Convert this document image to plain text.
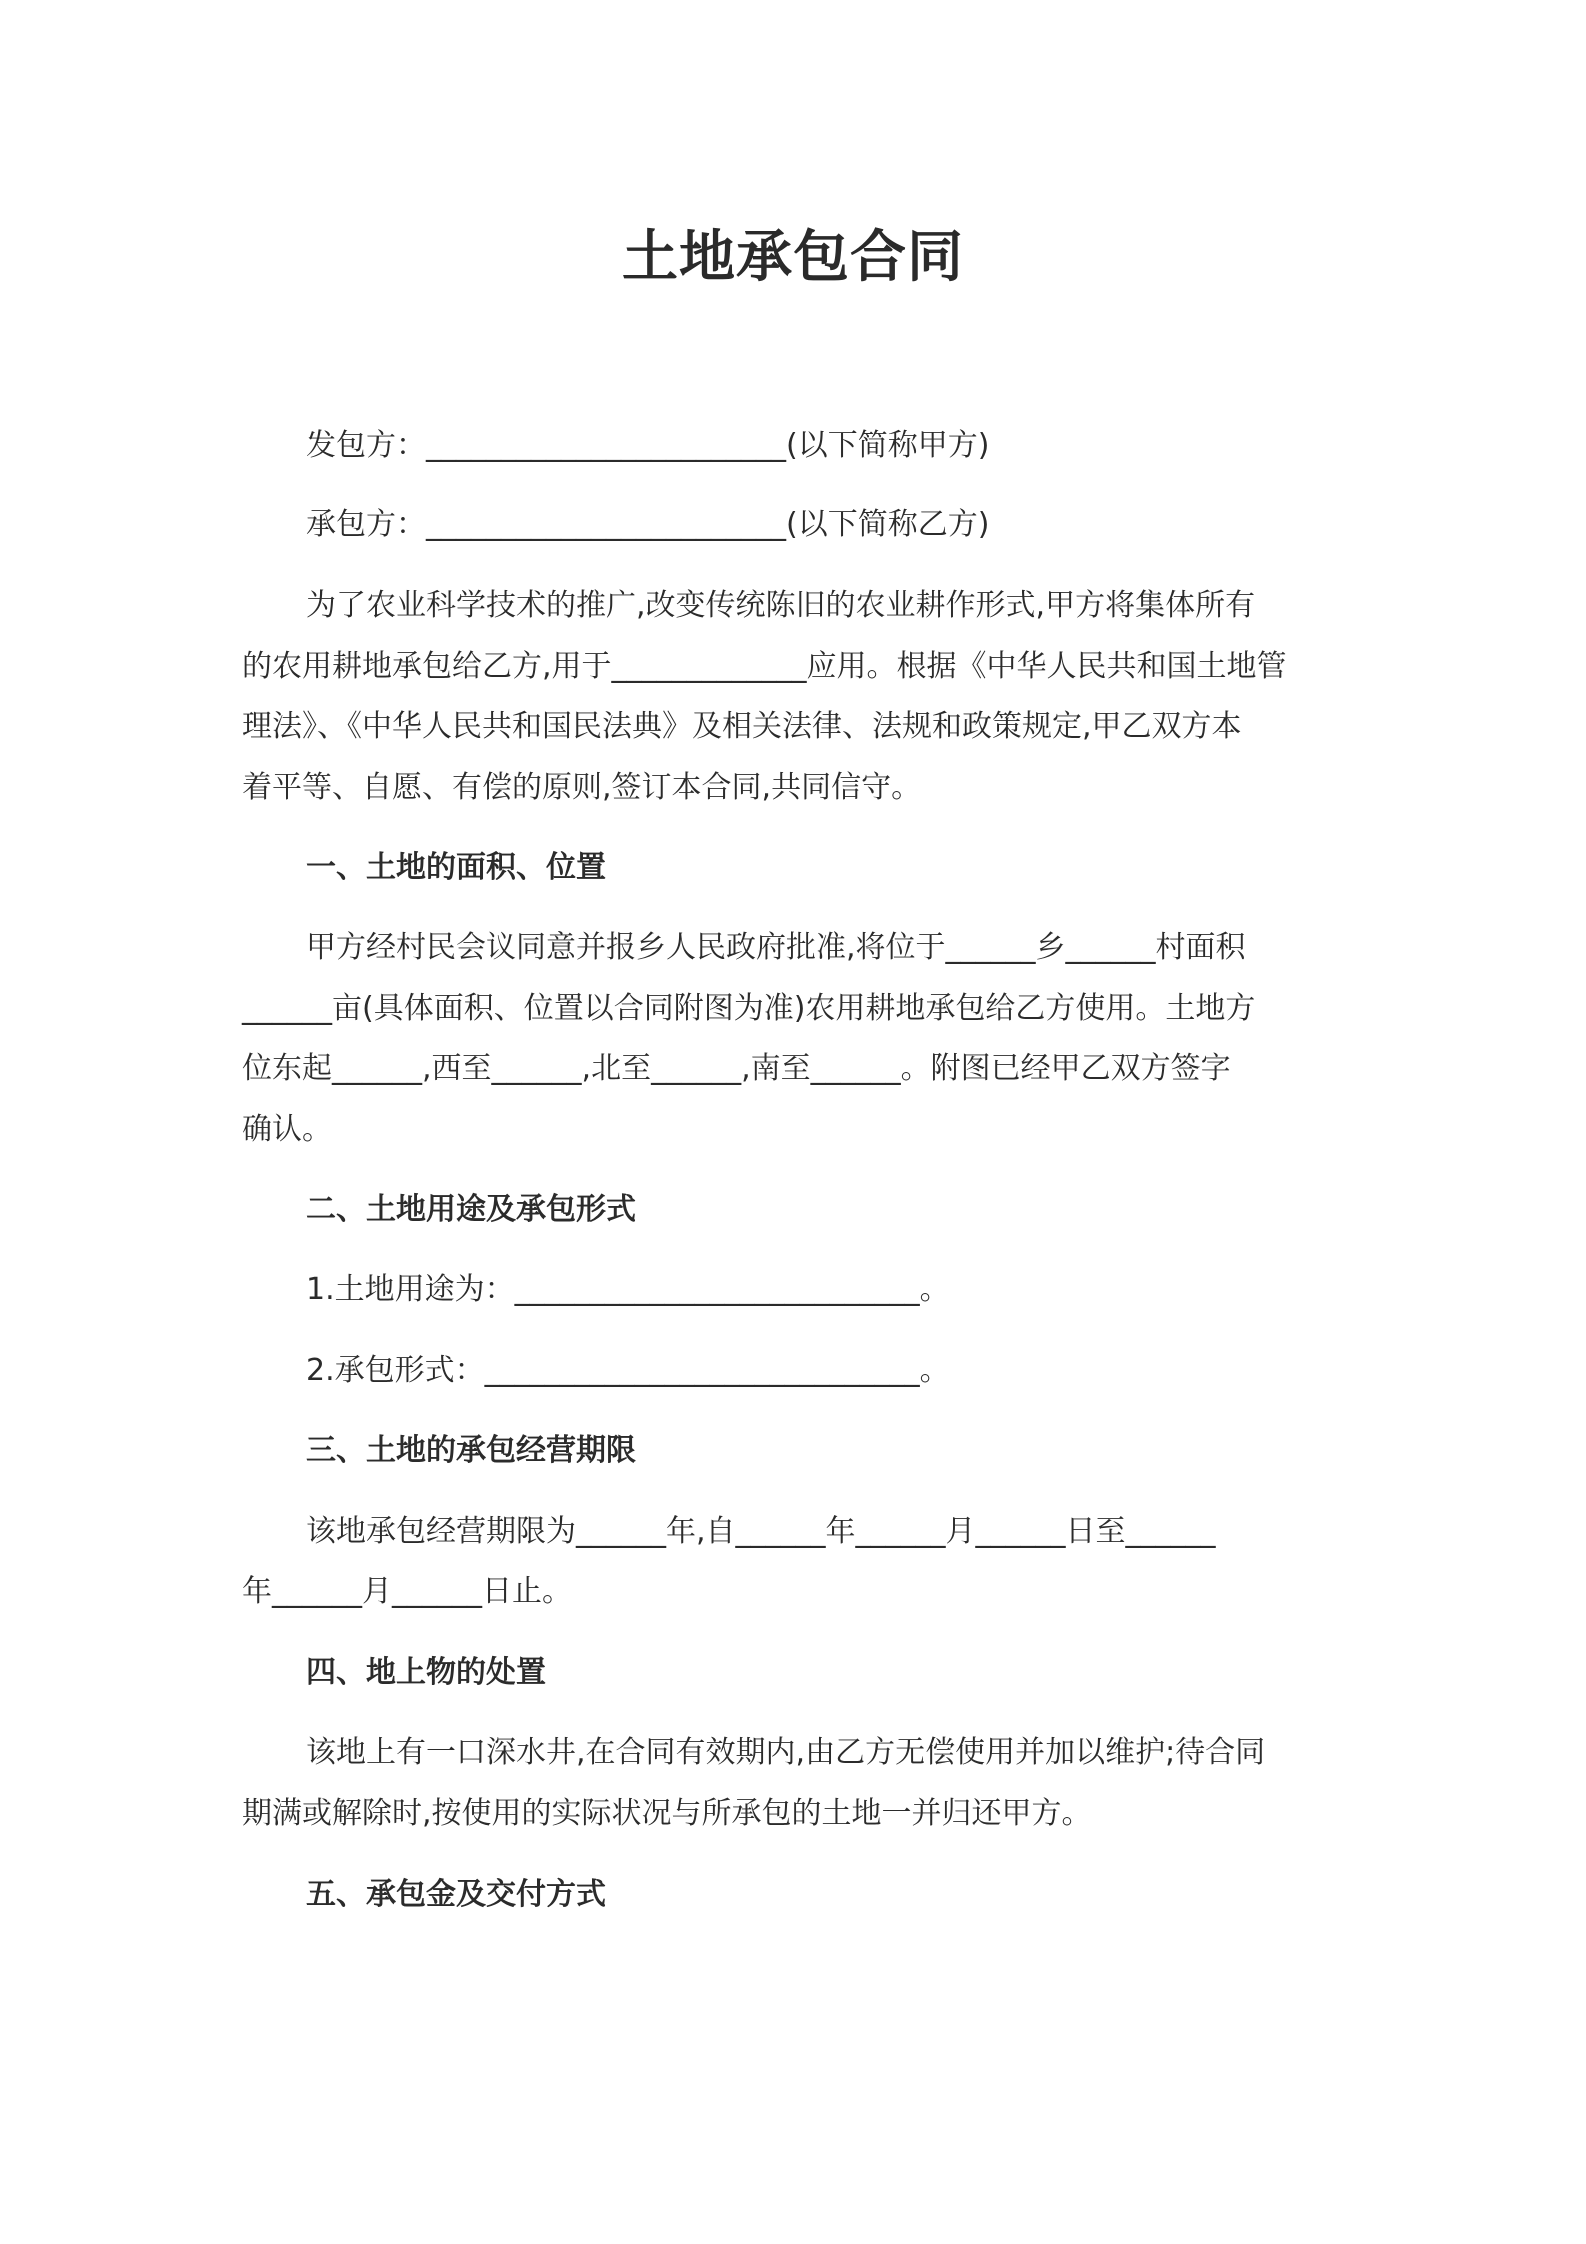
土地承包合同

发包方：________________________(以下简称甲方)

承包方：________________________(以下简称乙方)

为了农业科学技术的推广,改变传统陈旧的农业耕作形式,甲方将集体所有

的农用耕地承包给乙方,用于_____________应用。根据《中华人民共和国土地管

理法》、《中华人民共和国民法典》及相关法律、法规和政策规定,甲乙双方本

着平等、自愿、有偿的原则,签订本合同,共同信守。

一、土地的面积、位置

甲方经村民会议同意并报乡人民政府批准,将位于______乡______村面积

______亩(具体面积、位置以合同附图为准)农用耕地承包给乙方使用。土地方

位东起______,西至______,北至______,南至______。附图已经甲乙双方签字

确认。

二、土地用途及承包形式

1.土地用途为：___________________________。

2.承包形式：_____________________________。

三、土地的承包经营期限

该地承包经营期限为______年,自______年______月______日至______

年______月______日止。

四、地上物的处置

该地上有一口深水井,在合同有效期内,由乙方无偿使用并加以维护;待合同

期满或解除时,按使用的实际状况与所承包的土地一并归还甲方。

五、承包金及交付方式
